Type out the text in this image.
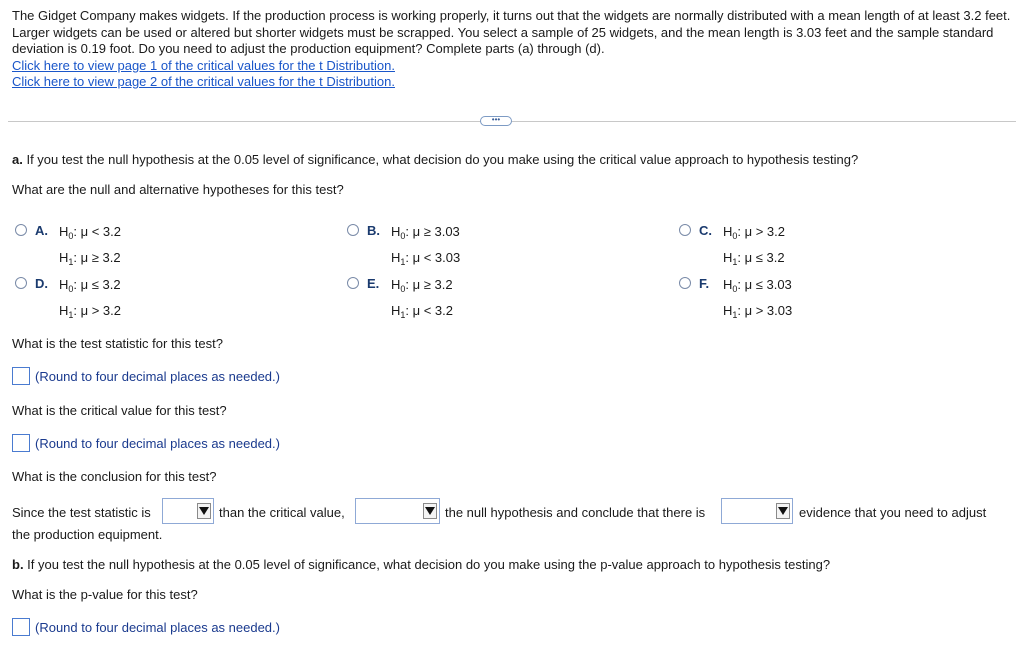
The Gidget Company makes widgets. If the production process is working properly, it turns out that the widgets are normally distributed with a mean length of at least 3.2 feet. Larger widgets can be used or altered but shorter widgets must be scrapped. You select a sample of 25 widgets, and the mean length is 3.03 feet and the sample standard deviation is 0.19 foot. Do you need to adjust the production equipment? Complete parts (a) through (d).
Click here to view page 1 of the critical values for the t Distribution.
Click here to view page 2 of the critical values for the t Distribution.
•••
a. If you test the null hypothesis at the 0.05 level of significance, what decision do you make using the critical value approach to hypothesis testing?
What are the null and alternative hypotheses for this test?
A. $H_0$: μ < 3.2
$H_1$: μ ≥ 3.2
B. $H_0$: μ ≥ 3.03
$H_1$: μ < 3.03
C. $H_0$: μ > 3.2
$H_1$: μ ≤ 3.2
D. $H_0$: μ ≤ 3.2
$H_1$: μ > 3.2
E. $H_0$: μ ≥ 3.2
$H_1$: μ < 3.2
F.	$H_0$: μ ≤ 3.03
$H_1$: μ > 3.03
What is the test statistic for this test?
(Round to four decimal places as needed.)
What is the critical value for this test?
(Round to four decimal places as needed.)
What is the conclusion for this test?
Since the test statistic is	than the critical value,	the null hypothesis and conclude that there is	evidence that you need to adjust
the production equipment.
b. If you test the null hypothesis at the 0.05 level of significance, what decision do you make using the p-value approach to hypothesis testing?
What is the p-value for this test?
(Round to four decimal places as needed.)
